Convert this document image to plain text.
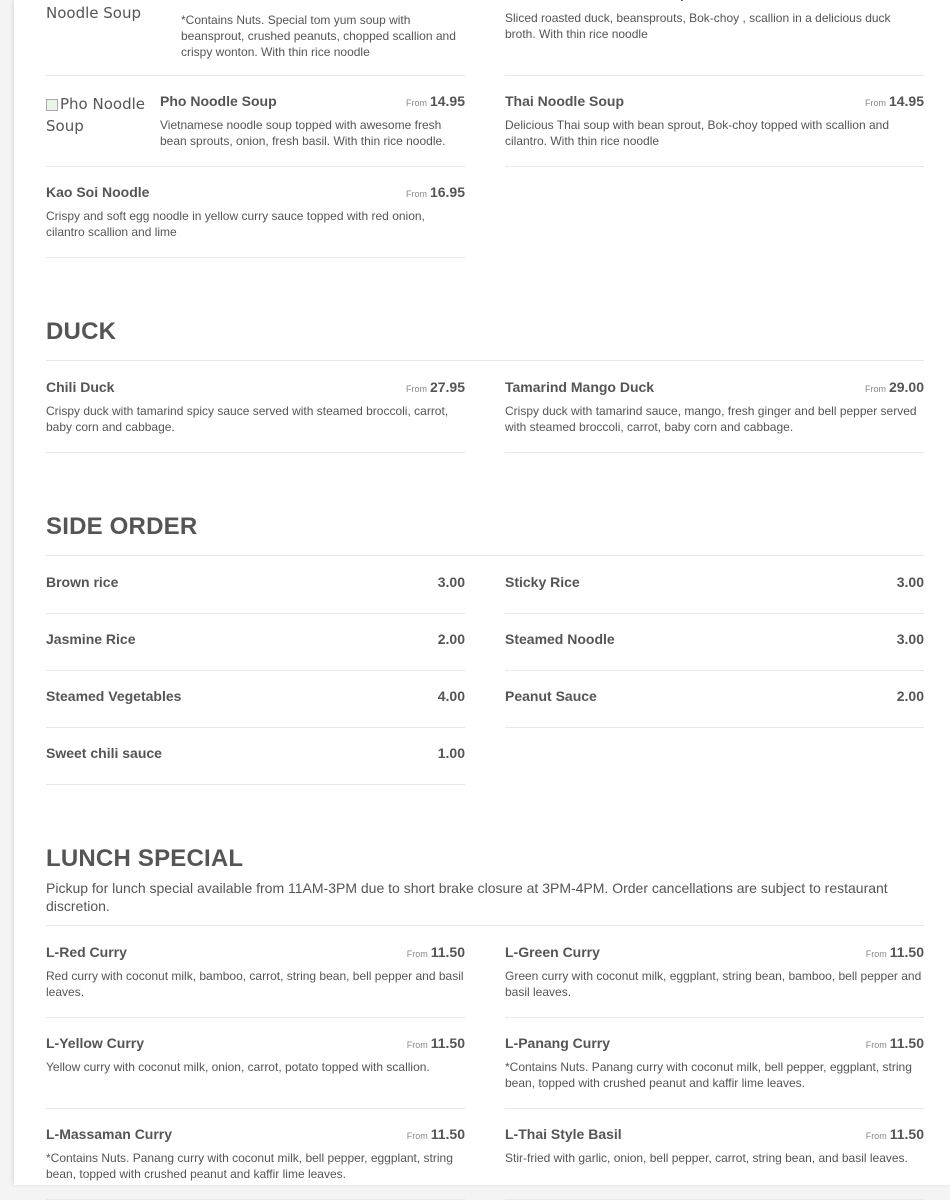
Noodle Soup	*Contains Nuts. Special tom yum soup with beansprout, crushed peanuts, chopped scallion and crispy wonton. With thin rice noodle
Pho Noodle Soup
Pho Noodle Soup	From 14.95
Vietnamese noodle soup topped with awesome fresh bean sprouts, onion, fresh basil. With thin rice noodle.
Kao Soi Noodle	From 16.95
Crispy and soft egg noodle in yellow curry sauce topped with red onion, cilantro scallion and lime
Sliced roasted duck, beansprouts, Bok-choy , scallion in a delicious duck broth. With thin rice noodle
Thai Noodle Soup	From 14.95
Delicious Thai soup with bean sprout, Bok-choy topped with scallion and cilantro. With thin rice noodle
DUCK
Chili Duck	From 27.95
Crispy duck with tamarind spicy sauce served with steamed broccoli, carrot, baby corn and cabbage.
Tamarind Mango Duck	From 29.00
Crispy duck with tamarind sauce, mango, fresh ginger and bell pepper served with steamed broccoli, carrot, baby corn and cabbage.
SIDE ORDER
Brown rice	3.00	Sticky Rice	3.00
Jasmine Rice	2.00	Steamed Noodle	3.00
Steamed Vegetables	4.00	Peanut Sauce	2.00
Sweet chili sauce	1.00
LUNCH SPECIAL
Pickup for lunch special available from 11AM-3PM due to short brake closure at 3PM-4PM. Order cancellations are subject to restaurant discretion.
L-Red Curry	From 11.50
Red curry with coconut milk, bamboo, carrot, string bean, bell pepper and basil leaves.
L-Green Curry	From 11.50
Green curry with coconut milk, eggplant, string bean, bamboo, bell pepper and basil leaves.
L-Yellow Curry	From 11.50
Yellow curry with coconut milk, onion, carrot, potato topped with scallion.
L-Panang Curry	From 11.50
*Contains Nuts. Panang curry with coconut milk, bell pepper, eggplant, string bean, topped with crushed peanut and kaffir lime leaves.
L-Massaman Curry	From 11.50
*Contains Nuts. Panang curry with coconut milk, bell pepper, eggplant, string bean, topped with crushed peanut and kaffir lime leaves.
L-Thai Style Basil	From 11.50
Stir-fried with garlic, onion, bell pepper, carrot, string bean, and basil leaves.
